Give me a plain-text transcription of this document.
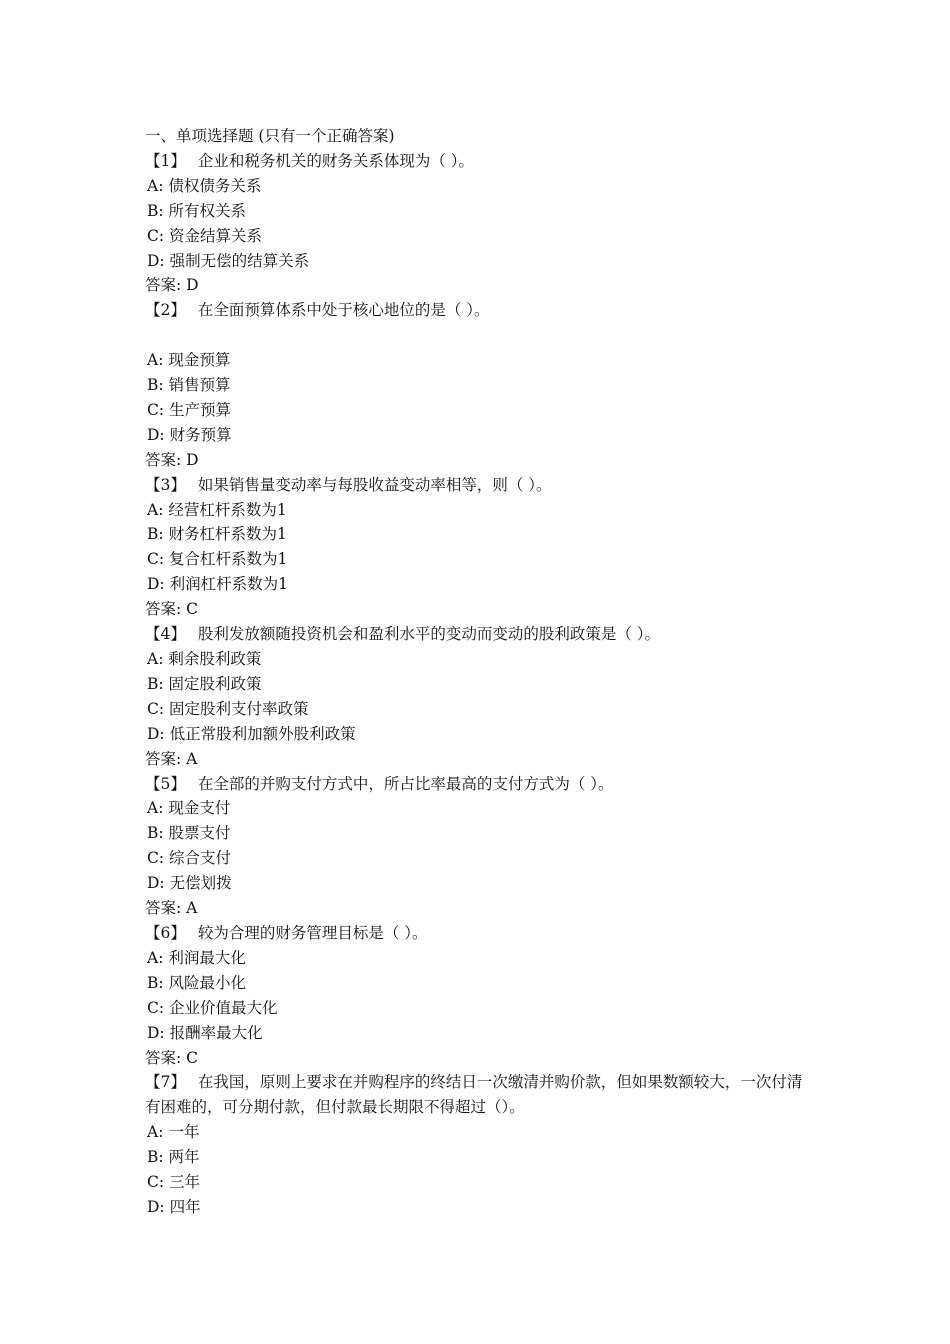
一、单项选择题 (只有一个正确答案)
【1】 企业和税务机关的财务关系体现为（ ）。
A: 债权债务关系
B: 所有权关系
C: 资金结算关系
D: 强制无偿的结算关系
答案: D
【2】 在全面预算体系中处于核心地位的是（ ）。
A: 现金预算
B: 销售预算
C: 生产预算
D: 财务预算
答案: D
【3】 如果销售量变动率与每股收益变动率相等，则（ ）。
A: 经营杠杆系数为1
B: 财务杠杆系数为1
C: 复合杠杆系数为1
D: 利润杠杆系数为1
答案: C
【4】 股利发放额随投资机会和盈利水平的变动而变动的股利政策是（ ）。
A: 剩余股利政策
B: 固定股利政策
C: 固定股利支付率政策
D: 低正常股利加额外股利政策
答案: A
【5】 在全部的并购支付方式中，所占比率最高的支付方式为（ ）。
A: 现金支付
B: 股票支付
C: 综合支付
D: 无偿划拨
答案: A
【6】 较为合理的财务管理目标是（ ）。
A: 利润最大化
B: 风险最小化
C: 企业价值最大化
D: 报酬率最大化
答案: C
【7】 在我国，原则上要求在并购程序的终结日一次缴清并购价款，但如果数额较大，一次付清有困难的，可分期付款，但付款最长期限不得超过（）。
A: 一年
B: 两年
C: 三年
D: 四年
